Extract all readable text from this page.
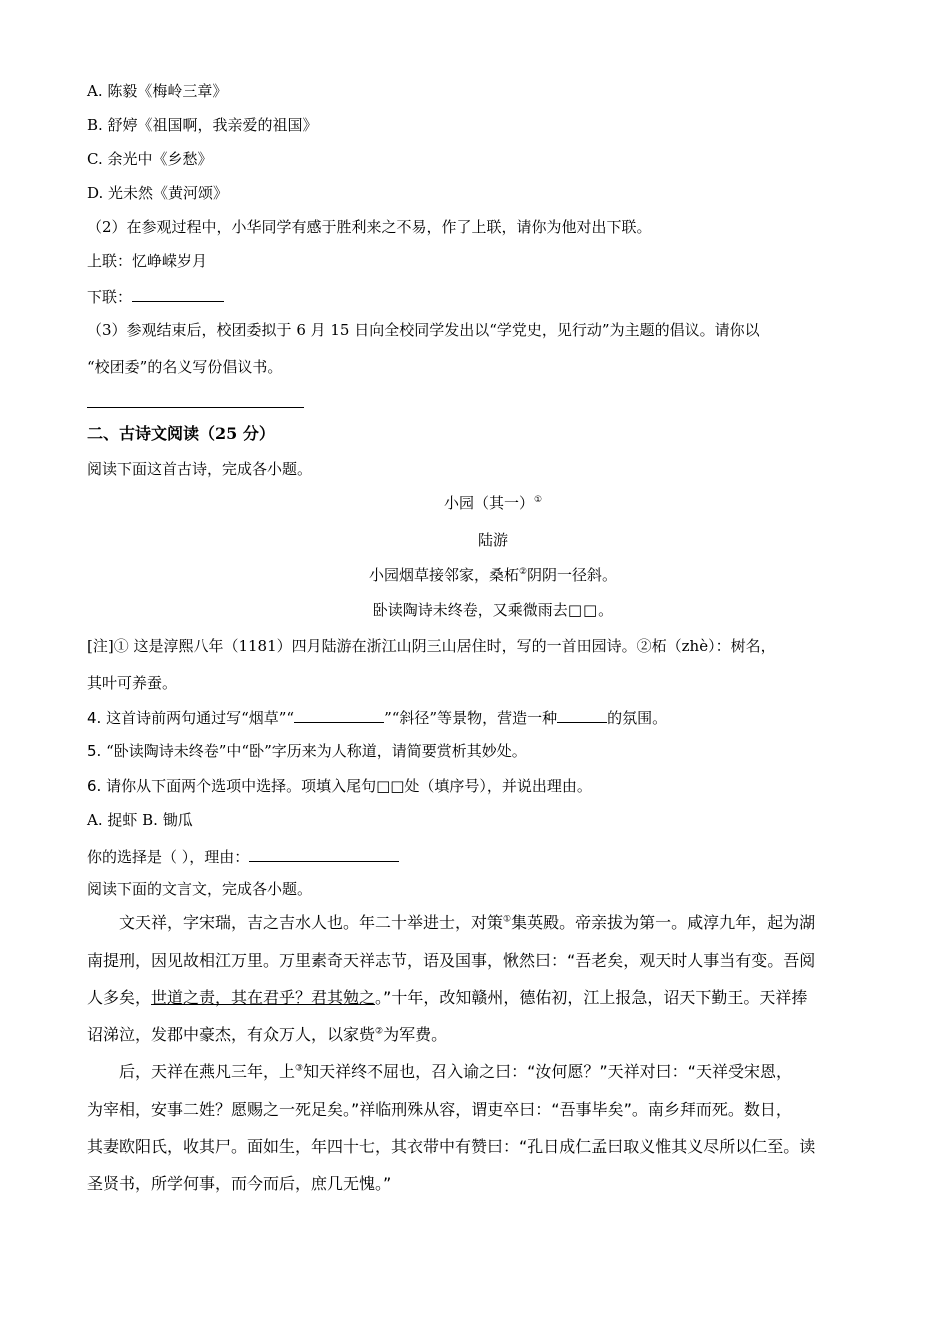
A. 陈毅《梅岭三章》
B. 舒婷《祖国啊，我亲爱的祖国》
C. 余光中《乡愁》
D. 光未然《黄河颂》
（2）在参观过程中，小华同学有感于胜利来之不易，作了上联，请你为他对出下联。
上联：忆峥嵘岁月
下联：
（3）参观结束后，校团委拟于 6 月 15 日向全校同学发出以“学党史，见行动”为主题的倡议。请你以
“校团委”的名义写份倡议书。
二、古诗文阅读（25 分）
阅读下面这首古诗，完成各小题。
小园（其一）①
陆游
小园烟草接邻家，桑柘②阴阴一径斜。
卧读陶诗未终卷，又乘微雨去□□。
[注]① 这是淳熙八年（1181）四月陆游在浙江山阴三山居住时，写的一首田园诗。②柘（zhè）：树名，
其叶可养蚕。
4. 这首诗前两句通过写“烟草”“	”“斜径”等景物，营造一种	的氛围。
5. “卧读陶诗未终卷”中“卧”字历来为人称道，请简要赏析其妙处。
6. 请你从下面两个选项中选择。项填入尾句□□处（填序号），并说出理由。
A. 捉虾 B. 锄瓜
你的选择是（ ），理由：
阅读下面的文言文，完成各小题。
文天祥，字宋瑞，吉之吉水人也。年二十举进士，对策①集英殿。帝亲拔为第一。咸淳九年，起为湖
南提刑，因见故相江万里。万里素奇天祥志节，语及国事，愀然曰：“吾老矣，观天时人事当有变。吾阅
人多矣，世道之责，其在君乎？君其勉之。”十年，改知赣州，德佑初，江上报急，诏天下勤王。天祥捧
诏涕泣，发郡中豪杰，有众万人，以家赀②为军费。
后，天祥在燕凡三年，上③知天祥终不屈也，召入谕之曰：“汝何愿？”天祥对曰：“天祥受宋恩，
为宰相，安事二姓？愿赐之一死足矣。”祥临刑殊从容，谓吏卒曰：“吾事毕矣”。南乡拜而死。数日，
其妻欧阳氏，收其尸。面如生，年四十七，其衣带中有赞曰：“孔日成仁孟曰取义惟其义尽所以仁至。读
圣贤书，所学何事，而今而后，庶几无愧。”
